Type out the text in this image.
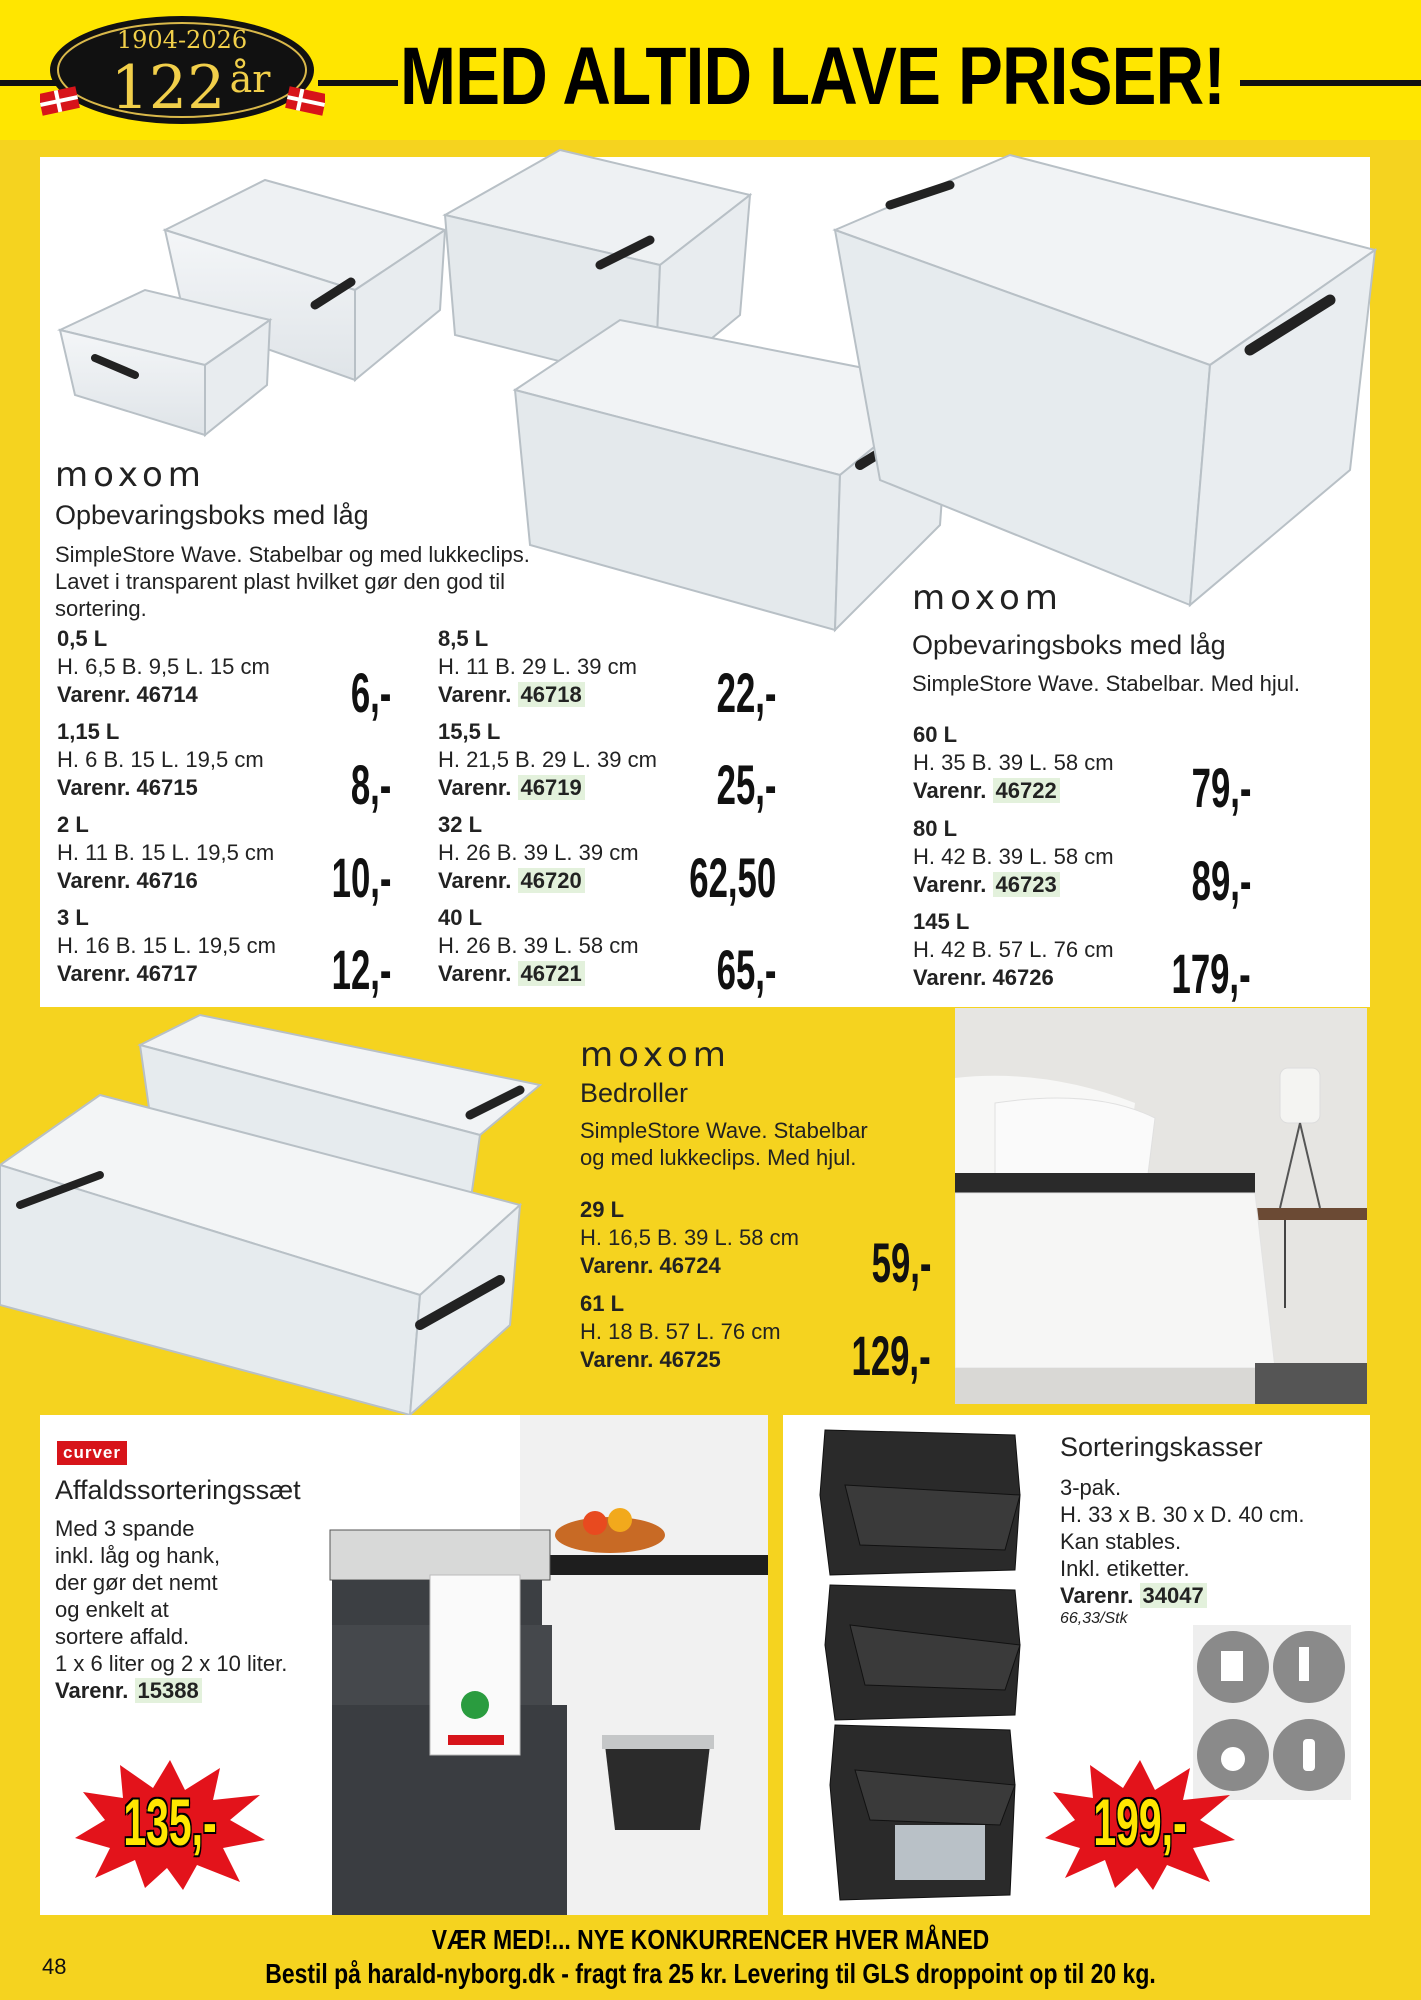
MED ALTID LAVE PRISER!
1904-2026
122 år
moxom
Opbevaringsboks med låg
SimpleStore Wave. Stabelbar og med lukkeclips.
Lavet i transparent plast hvilket gør den god til
sortering.
0,5 L
H. 6,5 B. 9,5 L. 15 cm
Varenr. 46714	6,-
1,15 L
H. 6 B. 15 L. 19,5 cm
Varenr. 46715	8,-
2 L
H. 11 B. 15 L. 19,5 cm
Varenr. 46716	10,-
3 L
H. 16 B. 15 L. 19,5 cm
Varenr. 46717	12,-
8,5 L
H. 11 B. 29 L. 39 cm
Varenr. 46718	22,-
15,5 L
H. 21,5 B. 29 L. 39 cm
Varenr. 46719	25,-
32 L
H. 26 B. 39 L. 39 cm
Varenr. 46720	62,50
40 L
H. 26 B. 39 L. 58 cm
Varenr. 46721	65,-
moxom
Opbevaringsboks med låg
SimpleStore Wave. Stabelbar. Med hjul.
60 L
H. 35 B. 39 L. 58 cm
Varenr. 46722	79,-
80 L
H. 42 B. 39 L. 58 cm
Varenr. 46723	89,-
145 L
H. 42 B. 57 L. 76 cm
Varenr. 46726	179,-
moxom
Bedroller
SimpleStore Wave. Stabelbar
og med lukkeclips. Med hjul.
29 L
H. 16,5 B. 39 L. 58 cm
Varenr. 46724	59,-
61 L
H. 18 B. 57 L. 76 cm
Varenr. 46725	129,-
curver
Affaldssorteringssæt
Med 3 spande
inkl. låg og hank,
der gør det nemt
og enkelt at
sortere affald.
1 x 6 liter og 2 x 10 liter.
Varenr. 15388
135,-
Sorteringskasser
3-pak.
H. 33 x B. 30 x D. 40 cm.
Kan stables.
Inkl. etiketter.
Varenr. 34047
66,33/Stk
199,-
VÆR MED!... NYE KONKURRENCER HVER MÅNED
Bestil på harald-nyborg.dk - fragt fra 25 kr. Levering til GLS droppoint op til 20 kg.
48
